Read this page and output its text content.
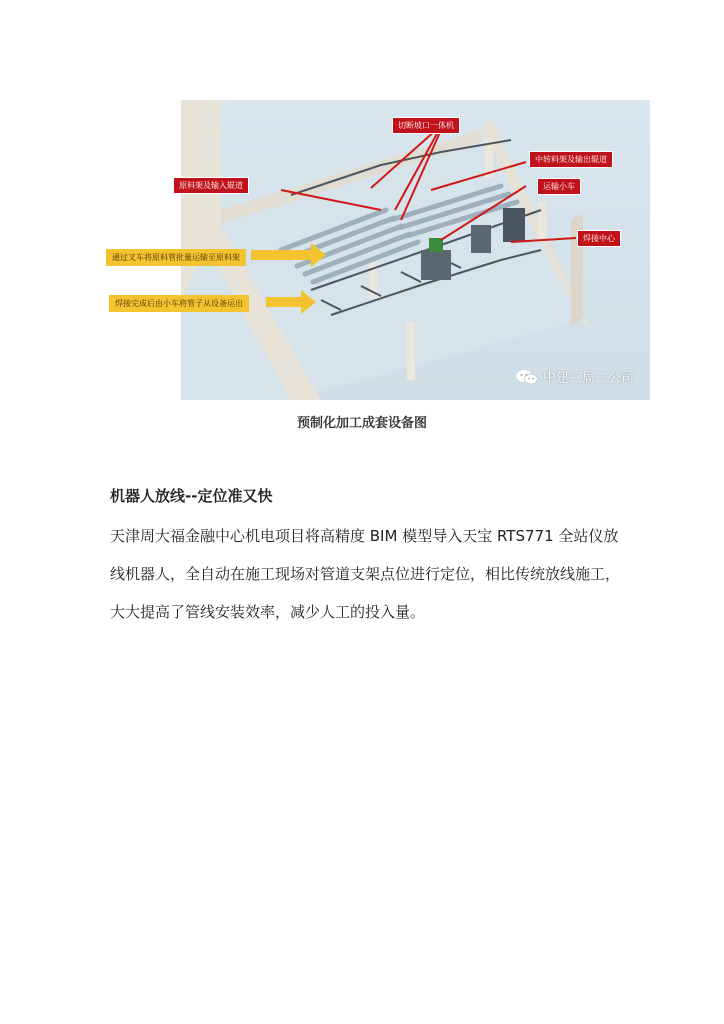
切断坡口一体机
中转料架及输出辊道
原料架及输入辊道	运输小车
焊接中心
通过叉车将原料管批量运输至原料架
焊接完成后由小车将管子从设备运出
中建三局二公司
预制化加工成套设备图
机器人放线--定位准又快
天津周大福金融中心机电项目将高精度 BIM 模型导入天宝 RTS771 全站仪放线机器人，全自动在施工现场对管道支架点位进行定位，相比传统放线施工，大大提高了管线安装效率，减少人工的投入量。
